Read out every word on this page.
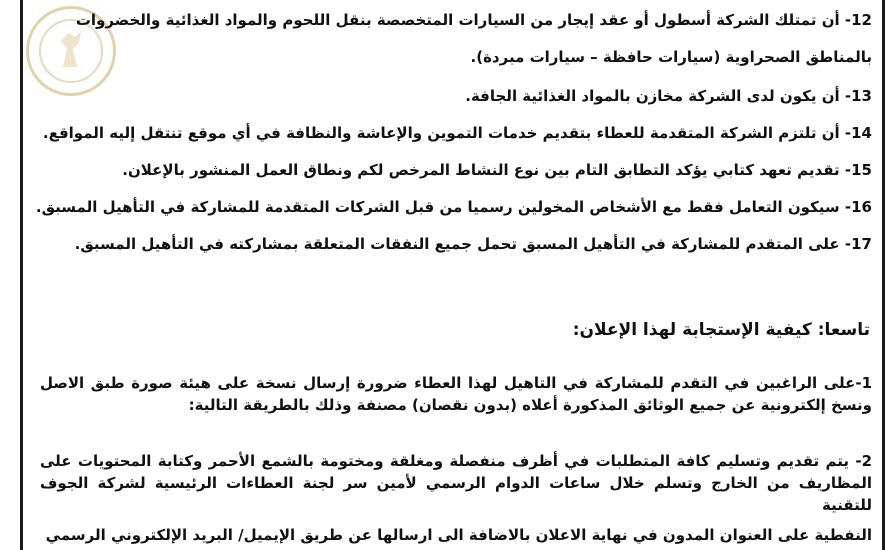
12- أن تمتلك الشركة أسطول أو عقد إيجار من السيارات المتخصصة بنقل اللحوم والمواد الغذائية والخضروات
بالمناطق الصحراوية (سيارات حافظة – سيارات مبردة).
13- أن يكون لدى الشركة مخازن بالمواد الغذائية الجافة.
14- أن تلتزم الشركة المتقدمة للعطاء بتقديم خدمات التموين والإعاشة والنظافة في أي موقع تنتقل إليه المواقع.
15- تقديم تعهد كتابي يؤكد التطابق التام بين نوع النشاط المرخص لكم ونطاق العمل المنشور بالإعلان.
16- سيكون التعامل فقط مع الأشخاص المخولين رسميا من قبل الشركات المتقدمة للمشاركة في التأهيل المسبق.
17- على المتقدم للمشاركة في التأهيل المسبق تحمل جميع النفقات المتعلقة بمشاركته في التأهيل المسبق.
تاسعا: كيفية الإستجابة لهذا الإعلان:
1-على الراغبين في التقدم للمشاركة في التاهيل لهذا العطاء ضرورة إرسال نسخة على هيئة صورة طبق الاصل ونسخ إلكترونية عن جميع الوثائق المذكورة أعلاه (بدون نقصان) مصنفة وذلك بالطريقة التالية:
2- يتم تقديم وتسليم كافة المتطلبات في أظرف منفصلة ومغلقة ومختومة بالشمع الأحمر وكتابة المحتويات على المظاريف من الخارج وتسلم خلال ساعات الدوام الرسمي لأمين سر لجنة العطاءات الرئيسية لشركة الجوف للتقنية
النفطية على العنوان المدون في نهاية الاعلان بالاضافة الى ارسالها عن طريق الإيميل/ البريد الإلكتروني الرسمي
